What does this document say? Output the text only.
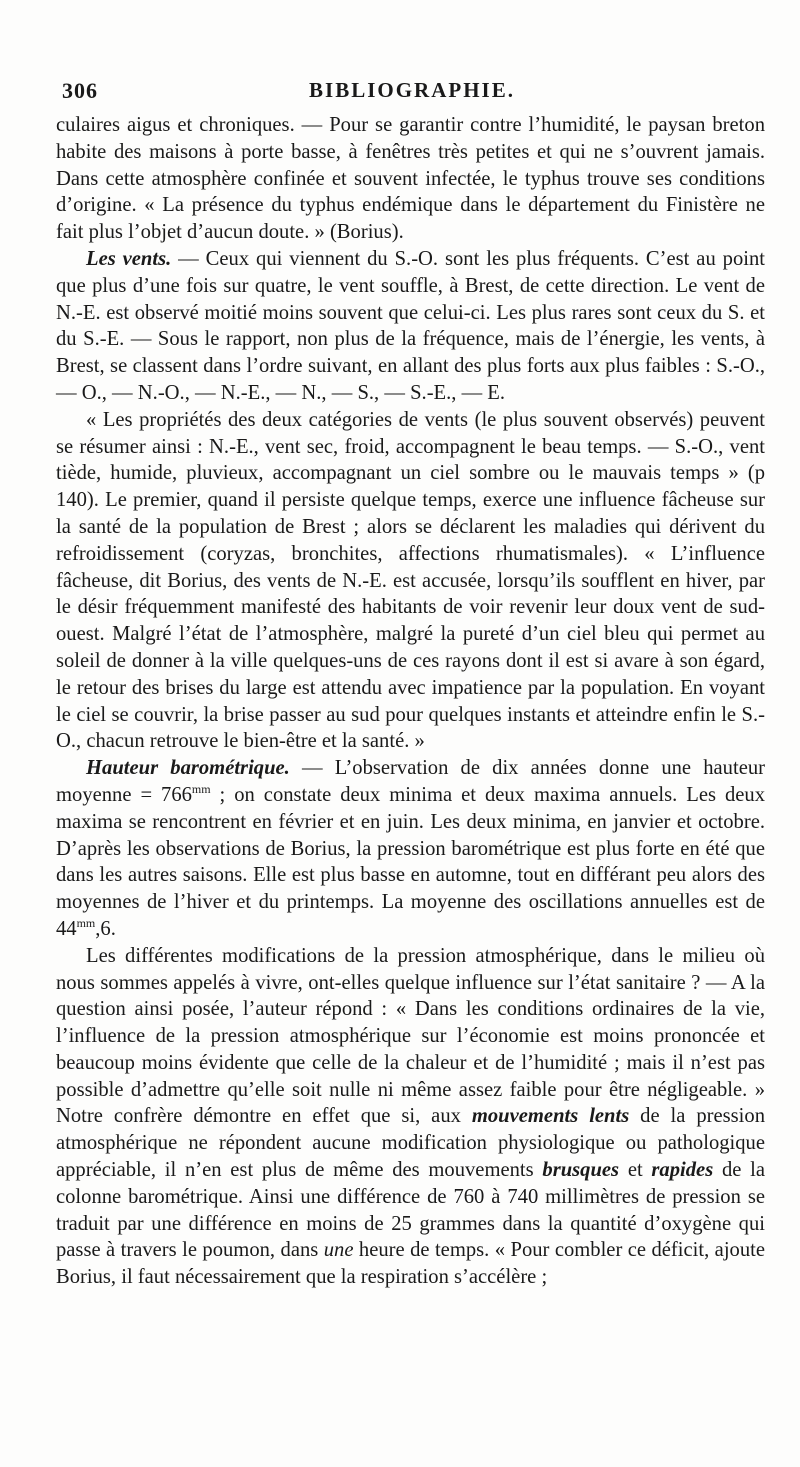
306	BIBLIOGRAPHIE.

culaires aigus et chroniques. — Pour se garantir contre l’humidité, le paysan breton habite des maisons à porte basse, à fenêtres très petites et qui ne s’ouvrent jamais. Dans cette atmosphère confinée et souvent infectée, le typhus trouve ses conditions d’origine. « La présence du typhus endémique dans le département du Finistère ne fait plus l’objet d’aucun doute. » (Borius).

Les vents. — Ceux qui viennent du S.-O. sont les plus fréquents. C’est au point que plus d’une fois sur quatre, le vent souffle, à Brest, de cette direction. Le vent de N.-E. est observé moitié moins souvent que celui-ci. Les plus rares sont ceux du S. et du S.-E. — Sous le rapport, non plus de la fréquence, mais de l’énergie, les vents, à Brest, se classent dans l’ordre suivant, en allant des plus forts aux plus faibles : S.-O., — O., — N.-O., — N.-E., — N., — S., — S.-E., — E.

« Les propriétés des deux catégories de vents (le plus souvent observés) peuvent se résumer ainsi : N.-E., vent sec, froid, accompagnent le beau temps. — S.-O., vent tiède, humide, pluvieux, accompagnant un ciel sombre ou le mauvais temps » (p 140). Le premier, quand il persiste quelque temps, exerce une influence fâcheuse sur la santé de la population de Brest ; alors se déclarent les maladies qui dérivent du refroidissement (coryzas, bronchites, affections rhumatismales). « L’influence fâcheuse, dit Borius, des vents de N.-E. est accusée, lorsqu’ils soufflent en hiver, par le désir fréquemment manifesté des habitants de voir revenir leur doux vent de sud-ouest. Malgré l’état de l’atmosphère, malgré la pureté d’un ciel bleu qui permet au soleil de donner à la ville quelques-uns de ces rayons dont il est si avare à son égard, le retour des brises du large est attendu avec impatience par la population. En voyant le ciel se couvrir, la brise passer au sud pour quelques instants et atteindre enfin le S.-O., chacun retrouve le bien-être et la santé. »

Hauteur barométrique. — L’observation de dix années donne une hauteur moyenne = $766^{mm}$ ; on constate deux minima et deux maxima annuels. Les deux maxima se rencontrent en février et en juin. Les deux minima, en janvier et octobre. D’après les observations de Borius, la pression barométrique est plus forte en été que dans les autres saisons. Elle est plus basse en automne, tout en différant peu alors des moyennes de l’hiver et du printemps. La moyenne des oscillations annuelles est de $44^{mm},6$.

Les différentes modifications de la pression atmosphérique, dans le milieu où nous sommes appelés à vivre, ont-elles quelque influence sur l’état sanitaire ? — A la question ainsi posée, l’auteur répond : « Dans les conditions ordinaires de la vie, l’influence de la pression atmosphérique sur l’économie est moins prononcée et beaucoup moins évidente que celle de la chaleur et de l’humidité ; mais il n’est pas possible d’admettre qu’elle soit nulle ni même assez faible pour être négligeable. » Notre confrère démontre en effet que si, aux mouvements lents de la pression atmosphérique ne répondent aucune modification physiologique ou pathologique appréciable, il n’en est plus de même des mouvements brusques et rapides de la colonne barométrique. Ainsi une différence de 760 à 740 millimètres de pression se traduit par une différence en moins de 25 grammes dans la quantité d’oxygène qui passe à travers le poumon, dans une heure de temps. « Pour combler ce déficit, ajoute Borius, il faut nécessairement que la respiration s’accélère ;
